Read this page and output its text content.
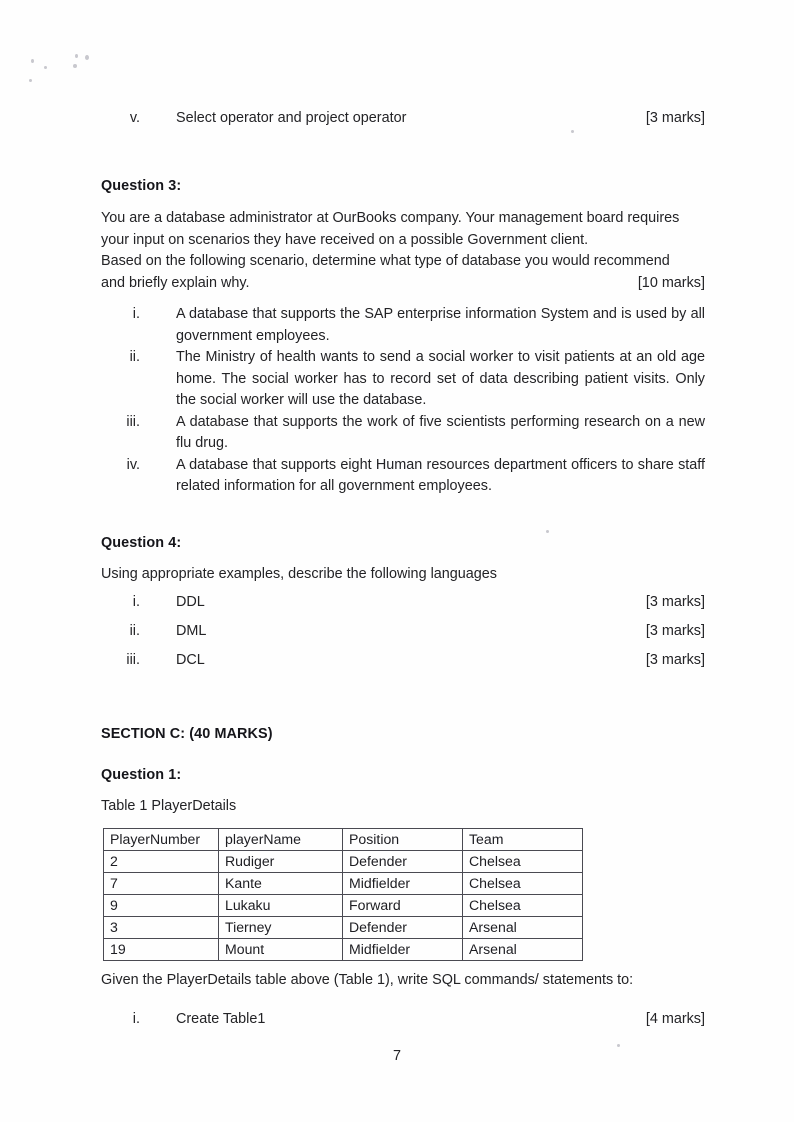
v.	Select operator and project operator	[3 marks]

Question 3:

You are a database administrator at OurBooks company. Your management board requires

your input on scenarios they have received on a possible Government client.

Based on the following scenario, determine what type of database you would recommend

and briefly explain why.	[10 marks]
i.	A database that supports the SAP enterprise information System and is used by all government employees.
ii.	The Ministry of health wants to send a social worker to visit patients at an old age home. The social worker has to record set of data describing patient visits. Only the social worker will use the database.
iii.	A database that supports the work of five scientists performing research on a new flu drug.
iv.	A database that supports eight Human resources department officers to share staff related information for all government employees.

Question 4:

Using appropriate examples, describe the following languages

i.	DDL	[3 marks]
ii.	DML	[3 marks]
iii.	DCL	[3 marks]

SECTION C: (40 MARKS)

Question 1:

Table 1 PlayerDetails

PlayerNumber	playerName	Position	Team
2	Rudiger	Defender	Chelsea
7	Kante	Midfielder	Chelsea
9	Lukaku	Forward	Chelsea
3	Tierney	Defender	Arsenal
19	Mount	Midfielder	Arsenal

Given the PlayerDetails table above (Table 1), write SQL commands/ statements to:

i.	Create Table1	[4 marks]
7
